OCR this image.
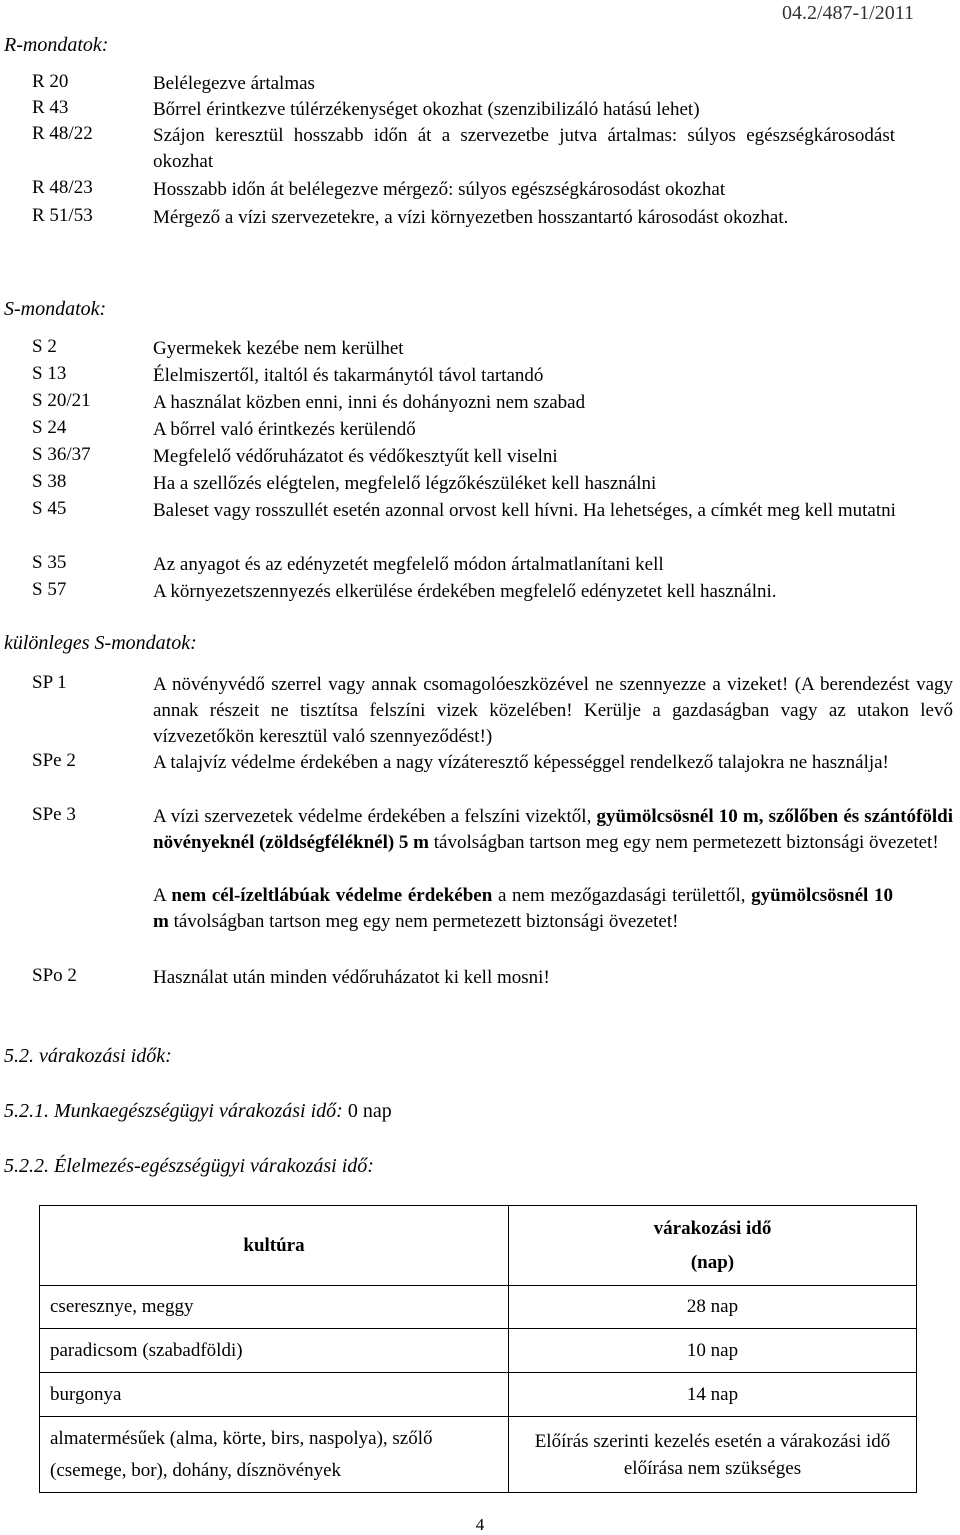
04.2/487-1/2011
R-mondatok:
R 20	Belélegezve ártalmas
R 43	Bőrrel érintkezve túlérzékenységet okozhat (szenzibilizáló hatású lehet)
R 48/22	Szájon keresztül hosszabb időn át a szervezetbe jutva ártalmas: súlyos egészségkárosodást okozhat
R 48/23	Hosszabb időn át belélegezve mérgező: súlyos egészségkárosodást okozhat
R 51/53	Mérgező a vízi szervezetekre, a vízi környezetben hosszantartó károsodást okozhat.
S-mondatok:
S 2	Gyermekek kezébe nem kerülhet
S 13	Élelmiszertől, italtól és takarmánytól távol tartandó
S 20/21	A használat közben enni, inni és dohányozni nem szabad
S 24	A bőrrel való érintkezés kerülendő
S 36/37	Megfelelő védőruházatot és védőkesztyűt kell viselni
S 38	Ha a szellőzés elégtelen, megfelelő légzőkészüléket kell használni
S 45	Baleset vagy rosszullét esetén azonnal orvost kell hívni. Ha lehetséges, a címkét meg kell mutatni
S 35	Az anyagot és az edényzetét megfelelő módon ártalmatlanítani kell
S 57	A környezetszennyezés elkerülése érdekében megfelelő edényzetet kell használni.
különleges S-mondatok:
SP 1	A növényvédő szerrel vagy annak csomagolóeszközével ne szennyezze a vizeket! (A berendezést vagy annak részeit ne tisztítsa felszíni vizek közelében! Kerülje a gazdaságban vagy az utakon levő vízvezetőkön keresztül való szennyeződést!)
SPe 2	A talajvíz védelme érdekében a nagy vízáteresztő képességgel rendelkező talajokra ne használja!
SPe 3	A vízi szervezetek védelme érdekében a felszíni vizektől, gyümölcsösnél 10 m, szőlőben és szántóföldi növényeknél (zöldségféléknél) 5 m távolságban tartson meg egy nem permetezett biztonsági övezetet!
A nem cél-ízeltlábúak védelme érdekében a nem mezőgazdasági területtől, gyümölcsösnél 10 m távolságban tartson meg egy nem permetezett biztonsági övezetet!
SPo 2	Használat után minden védőruházatot ki kell mosni!
5.2. várakozási idők:
5.2.1. Munkaegészségügyi várakozási idő: 0 nap
5.2.2. Élelmezés-egészségügyi várakozási idő:
kultúra	várakozási idő
(nap)
cseresznye, meggy	28 nap
paradicsom (szabadföldi)	10 nap
burgonya	14 nap
almatermésűek (alma, körte, birs, naspolya), szőlő (csemege, bor), dohány, dísznövények	Előírás szerinti kezelés esetén a várakozási idő előírása nem szükséges
4
